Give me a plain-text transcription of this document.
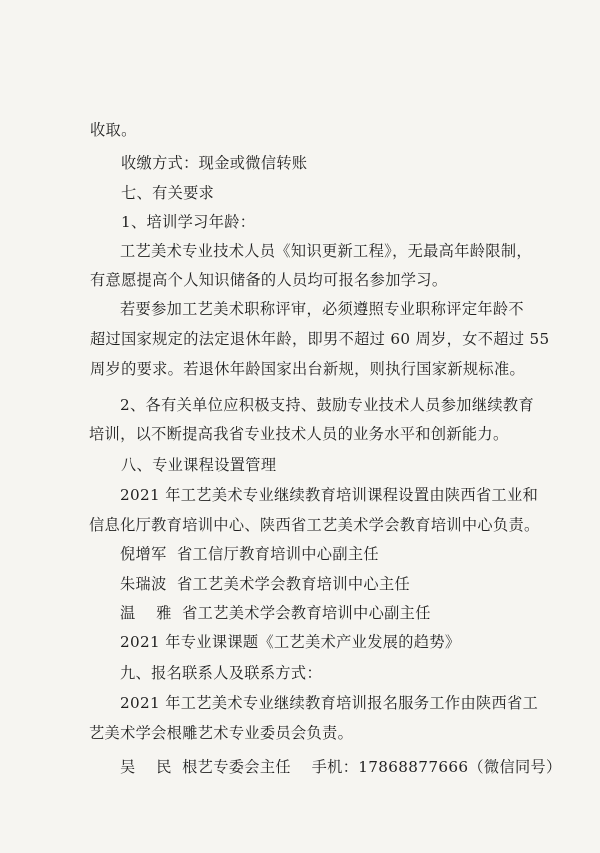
收取。
收缴方式：现金或微信转账
七、有关要求
1、培训学习年龄：
工艺美术专业技术人员《知识更新工程》，无最高年龄限制，
有意愿提高个人知识储备的人员均可报名参加学习。
若要参加工艺美术职称评审，必须遵照专业职称评定年龄不
超过国家规定的法定退休年龄，即男不超过 60 周岁，女不超过 55
周岁的要求。若退休年龄国家出台新规，则执行国家新规标准。
2、各有关单位应积极支持、鼓励专业技术人员参加继续教育
培训，以不断提高我省专业技术人员的业务水平和创新能力。
八、专业课程设置管理
2021 年工艺美术专业继续教育培训课程设置由陕西省工业和
信息化厅教育培训中心、陕西省工艺美术学会教育培训中心负责。
倪增军  省工信厅教育培训中心副主任
朱瑞波  省工艺美术学会教育培训中心主任
温    雅  省工艺美术学会教育培训中心副主任
2021 年专业课课题《工艺美术产业发展的趋势》
九、报名联系人及联系方式：
2021 年工艺美术专业继续教育培训报名服务工作由陕西省工
艺美术学会根雕艺术专业委员会负责。
吴    民  根艺专委会主任    手机：17868877666（微信同号）
